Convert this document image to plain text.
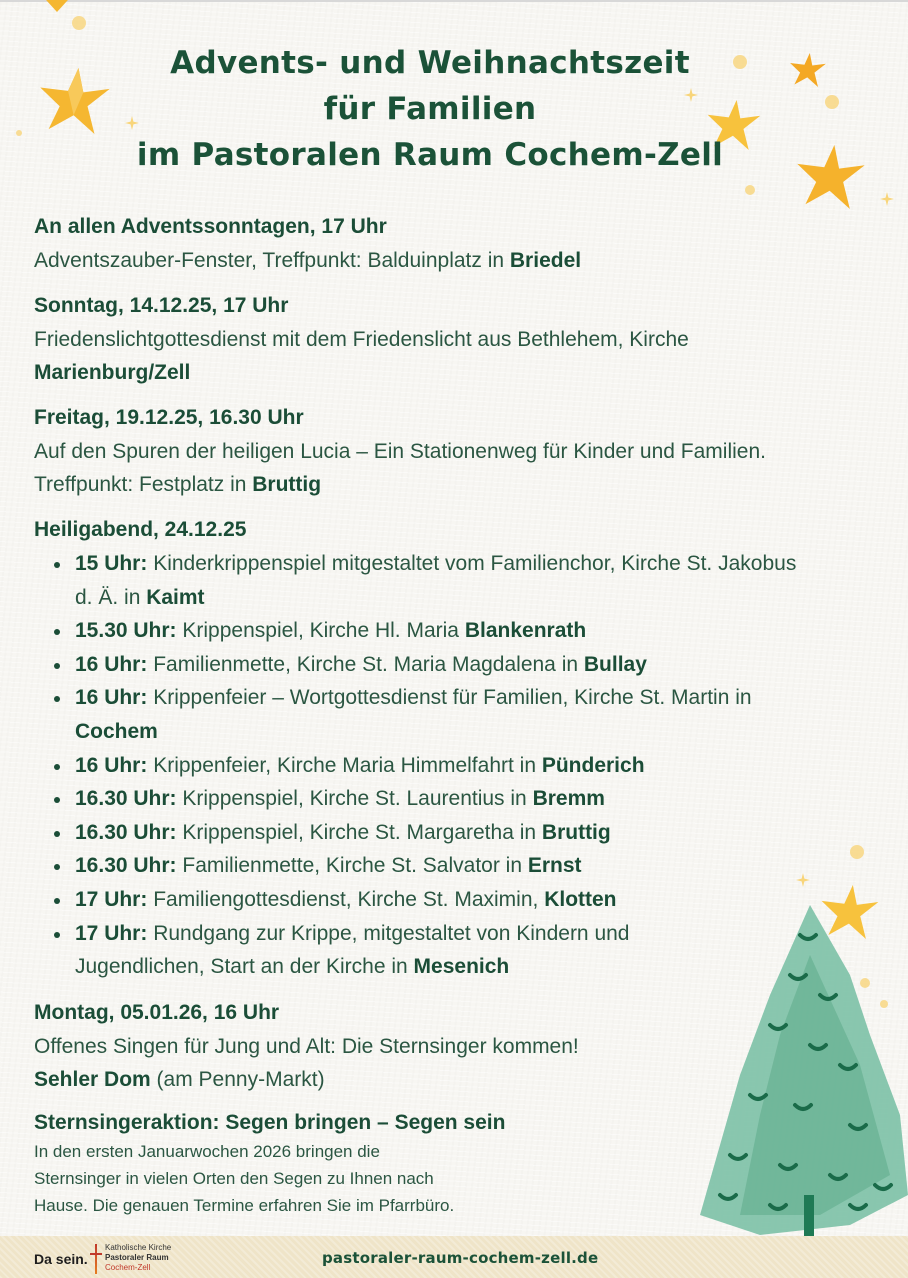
Advents- und Weihnachtszeit
für Familien
im Pastoralen Raum Cochem-Zell
An allen Adventssonntagen, 17 Uhr
Adventszauber-Fenster, Treffpunkt: Balduinplatz in Briedel
Sonntag, 14.12.25, 17 Uhr
Friedenslichtgottesdienst mit dem Friedenslicht aus Bethlehem, Kirche Marienburg/Zell
Freitag, 19.12.25, 16.30 Uhr
Auf den Spuren der heiligen Lucia – Ein Stationenweg für Kinder und Familien. Treffpunkt: Festplatz in Bruttig
Heiligabend, 24.12.25
15 Uhr: Kinderkrippenspiel mitgestaltet vom Familienchor, Kirche St. Jakobus d. Ä. in Kaimt
15.30 Uhr: Krippenspiel, Kirche Hl. Maria Blankenrath
16 Uhr: Familienmette, Kirche St. Maria Magdalena in Bullay
16 Uhr: Krippenfeier – Wortgottesdienst für Familien, Kirche St. Martin in Cochem
16 Uhr: Krippenfeier, Kirche Maria Himmelfahrt in Pünderich
16.30 Uhr: Krippenspiel, Kirche St. Laurentius in Bremm
16.30 Uhr: Krippenspiel, Kirche St. Margaretha in Bruttig
16.30 Uhr: Familienmette, Kirche St. Salvator in Ernst
17 Uhr: Familiengottesdienst, Kirche St. Maximin, Klotten
17 Uhr: Rundgang zur Krippe, mitgestaltet von Kindern und Jugendlichen, Start an der Kirche in Mesenich
Montag, 05.01.26, 16 Uhr
Offenes Singen für Jung und Alt: Die Sternsinger kommen! Sehler Dom (am Penny-Markt)
Sternsingeraktion: Segen bringen – Segen sein
In den ersten Januarwochen 2026 bringen die
Sternsinger in vielen Orten den Segen zu Ihnen nach
Hause. Die genauen Termine erfahren Sie im Pfarrbüro.
Da sein.
Katholische Kirche
Pastoraler Raum
Cochem-Zell
pastoraler-raum-cochem-zell.de
